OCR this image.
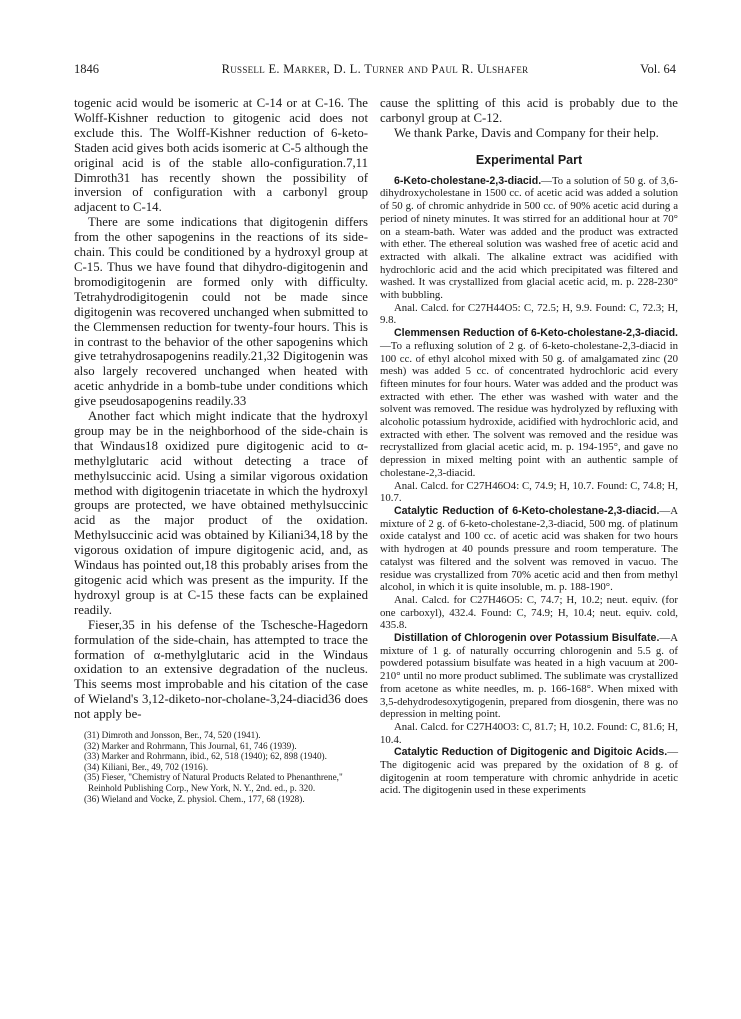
1846	Russell E. Marker, D. L. Turner and Paul R. Ulshafer	Vol. 64

togenic acid would be isomeric at C-14 or at C-16. The Wolff-Kishner reduction to gitogenic acid does not exclude this. The Wolff-Kishner reduction of 6-keto-Staden acid gives both acids isomeric at C-5 although the original acid is of the stable allo-configuration.7,11 Dimroth31 has recently shown the possibility of inversion of configuration with a carbonyl group adjacent to C-14.

There are some indications that digitogenin differs from the other sapogenins in the reactions of its side-chain. This could be conditioned by a hydroxyl group at C-15. Thus we have found that dihydro-digitogenin and bromodigitogenin are formed only with difficulty. Tetrahydrodigitogenin could not be made since digitogenin was recovered unchanged when submitted to the Clemmensen reduction for twenty-four hours. This is in contrast to the behavior of the other sapogenins which give tetrahydrosapogenins readily.21,32 Digitogenin was also largely recovered unchanged when heated with acetic anhydride in a bomb-tube under conditions which give pseudosapogenins readily.33

Another fact which might indicate that the hydroxyl group may be in the neighborhood of the side-chain is that Windaus18 oxidized pure digitogenic acid to α-methylglutaric acid without detecting a trace of methylsuccinic acid. Using a similar vigorous oxidation method with digitogenin triacetate in which the hydroxyl groups are protected, we have obtained methylsuccinic acid as the major product of the oxidation. Methylsuccinic acid was obtained by Kiliani34,18 by the vigorous oxidation of impure digitogenic acid, and, as Windaus has pointed out,18 this probably arises from the gitogenic acid which was present as the impurity. If the hydroxyl group is at C-15 these facts can be explained readily.

Fieser,35 in his defense of the Tschesche-Hagedorn formulation of the side-chain, has attempted to trace the formation of α-methylglutaric acid in the Windaus oxidation to an extensive degradation of the nucleus. This seems most improbable and his citation of the case of Wieland's 3,12-diketo-nor-cholane-3,24-diacid36 does not apply be-

(31) Dimroth and Jonsson, Ber., 74, 520 (1941).

(32) Marker and Rohrmann, This Journal, 61, 746 (1939).

(33) Marker and Rohrmann, ibid., 62, 518 (1940); 62, 898 (1940).

(34) Kiliani, Ber., 49, 702 (1916).

(35) Fieser, "Chemistry of Natural Products Related to Phenanthrene," Reinhold Publishing Corp., New York, N. Y., 2nd. ed., p. 320.

(36) Wieland and Vocke, Z. physiol. Chem., 177, 68 (1928).

cause the splitting of this acid is probably due to the carbonyl group at C-12.

We thank Parke, Davis and Company for their help.

Experimental Part

6-Keto-cholestane-2,3-diacid.—To a solution of 50 g. of 3,6-dihydroxycholestane in 1500 cc. of acetic acid was added a solution of 50 g. of chromic anhydride in 500 cc. of 90% acetic acid during a period of ninety minutes. It was stirred for an additional hour at 70° on a steam-bath. Water was added and the product was extracted with ether. The ethereal solution was washed free of acetic acid and extracted with alkali. The alkaline extract was acidified with hydrochloric acid and the acid which precipitated was filtered and washed. It was crystallized from glacial acetic acid, m. p. 228-230° with bubbling.

Anal. Calcd. for C27H44O5: C, 72.5; H, 9.9. Found: C, 72.3; H, 9.8.

Clemmensen Reduction of 6-Keto-cholestane-2,3-diacid.—To a refluxing solution of 2 g. of 6-keto-cholestane-2,3-diacid in 100 cc. of ethyl alcohol mixed with 50 g. of amalgamated zinc (20 mesh) was added 5 cc. of concentrated hydrochloric acid every fifteen minutes for four hours. Water was added and the product was extracted with ether. The ether was washed with water and the solvent was removed. The residue was hydrolyzed by refluxing with alcoholic potassium hydroxide, acidified with hydrochloric acid, and extracted with ether. The solvent was removed and the residue was recrystallized from glacial acetic acid, m. p. 194-195°, and gave no depression in mixed melting point with an authentic sample of cholestane-2,3-diacid.

Anal. Calcd. for C27H46O4: C, 74.9; H, 10.7. Found: C, 74.8; H, 10.7.

Catalytic Reduction of 6-Keto-cholestane-2,3-diacid.—A mixture of 2 g. of 6-keto-cholestane-2,3-diacid, 500 mg. of platinum oxide catalyst and 100 cc. of acetic acid was shaken for two hours with hydrogen at 40 pounds pressure and room temperature. The catalyst was filtered and the solvent was removed in vacuo. The residue was crystallized from 70% acetic acid and then from methyl alcohol, in which it is quite insoluble, m. p. 188-190°.

Anal. Calcd. for C27H46O5: C, 74.7; H, 10.2; neut. equiv. (for one carboxyl), 432.4. Found: C, 74.9; H, 10.4; neut. equiv. cold, 435.8.

Distillation of Chlorogenin over Potassium Bisulfate.—A mixture of 1 g. of naturally occurring chlorogenin and 5.5 g. of powdered potassium bisulfate was heated in a high vacuum at 200-210° until no more product sublimed. The sublimate was crystallized from acetone as white needles, m. p. 166-168°. When mixed with 3,5-dehydrodesoxytigogenin, prepared from diosgenin, there was no depression in melting point.

Anal. Calcd. for C27H40O3: C, 81.7; H, 10.2. Found: C, 81.6; H, 10.4.

Catalytic Reduction of Digitogenic and Digitoic Acids.—The digitogenic acid was prepared by the oxidation of 8 g. of digitogenin at room temperature with chromic anhydride in acetic acid. The digitogenin used in these experiments
